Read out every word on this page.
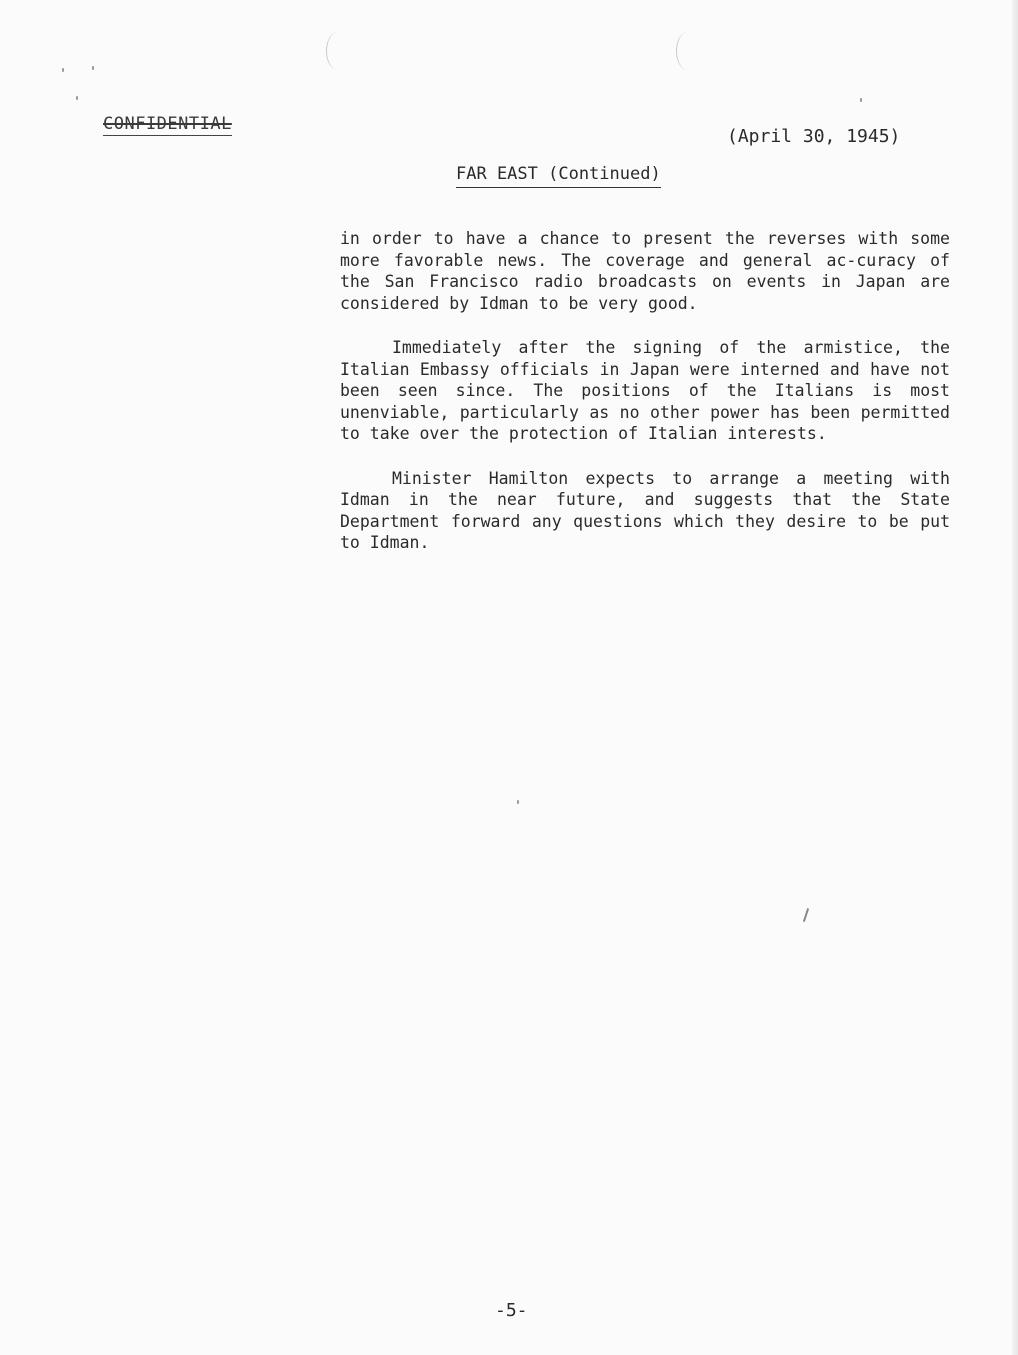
CONFIDENTIAL
(April 30, 1945)
FAR EAST (Continued)

in order to have a chance to present the reverses with some more favorable news. The coverage and general ac-curacy of the San Francisco radio broadcasts on events in Japan are considered by Idman to be very good.

Immediately after the signing of the armistice, the Italian Embassy officials in Japan were interned and have not been seen since. The positions of the Italians is most unenviable, particularly as no other power has been permitted to take over the protection of Italian interests.

Minister Hamilton expects to arrange a meeting with Idman in the near future, and suggests that the State Department forward any questions which they desire to be put to Idman.

-5-
